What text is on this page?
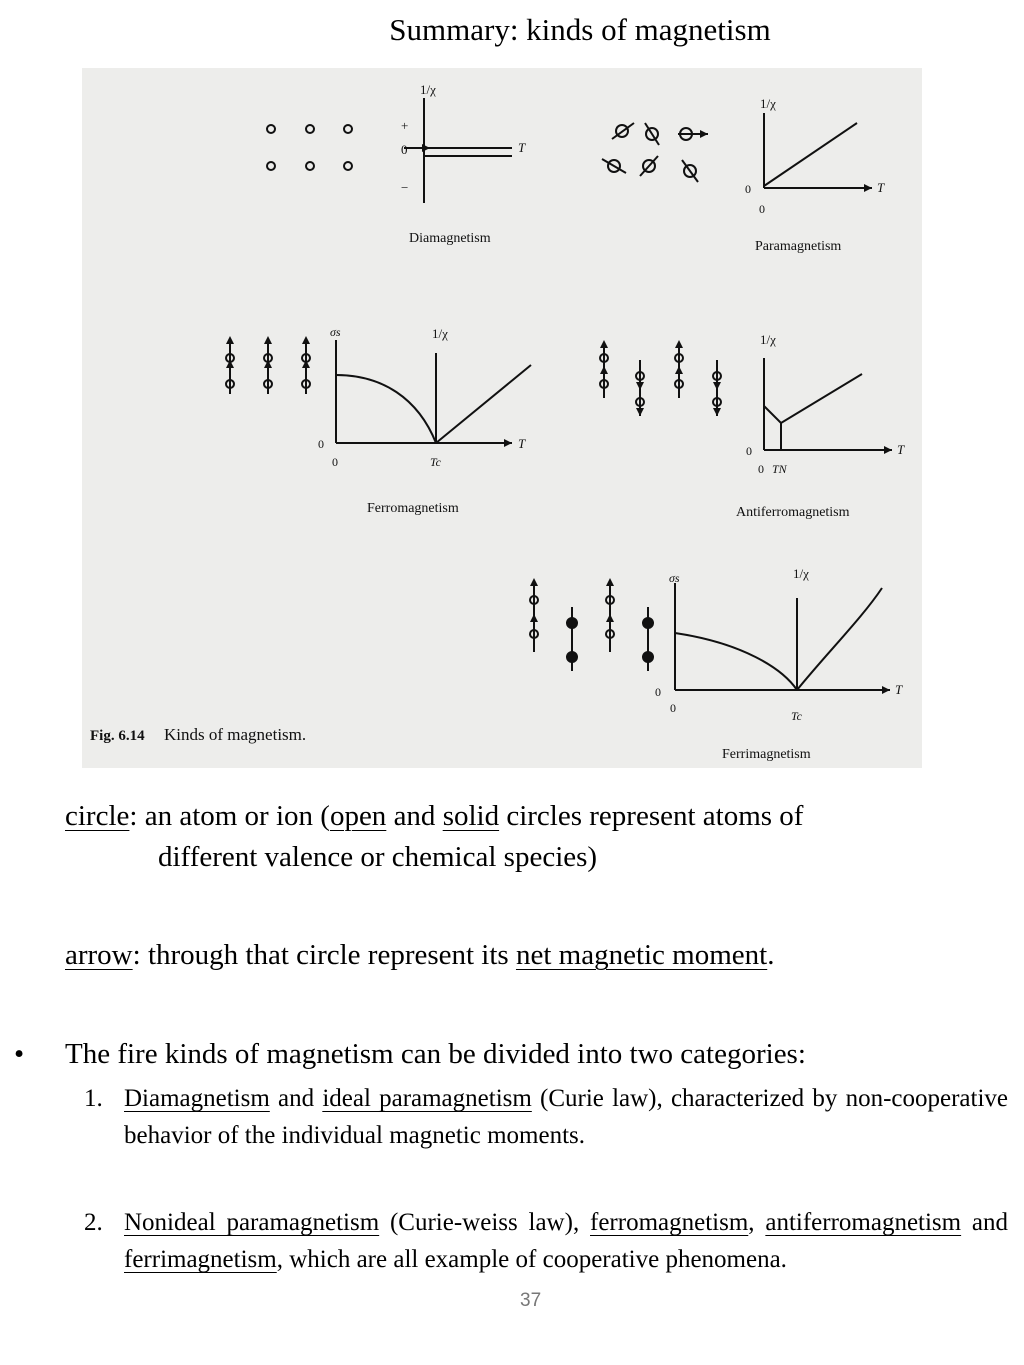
Summary: kinds of magnetism
1/χ
+
0
−
T
Diamagnetism
1/χ
0
0
T
Paramagnetism
σs	1/χ
0
0	Tc
T
Ferromagnetism
1/χ
0
0 TN
T
Antiferromagnetism
σs	1/χ
0
0
Tc
T
Ferrimagnetism
Fig. 6.14 Kinds of magnetism.
circle: an atom or ion (open and solid circles represent atoms of
different valence or chemical species)
arrow: through that circle represent its net magnetic moment.
• The fire kinds of magnetism can be divided into two categories:
1. Diamagnetism and ideal paramagnetism (Curie law), characterized by non-cooperative behavior of the individual magnetic moments.
2. Nonideal paramagnetism (Curie-weiss law), ferromagnetism, antiferromagnetism and ferrimagnetism, which are all example of cooperative phenomena.
37
